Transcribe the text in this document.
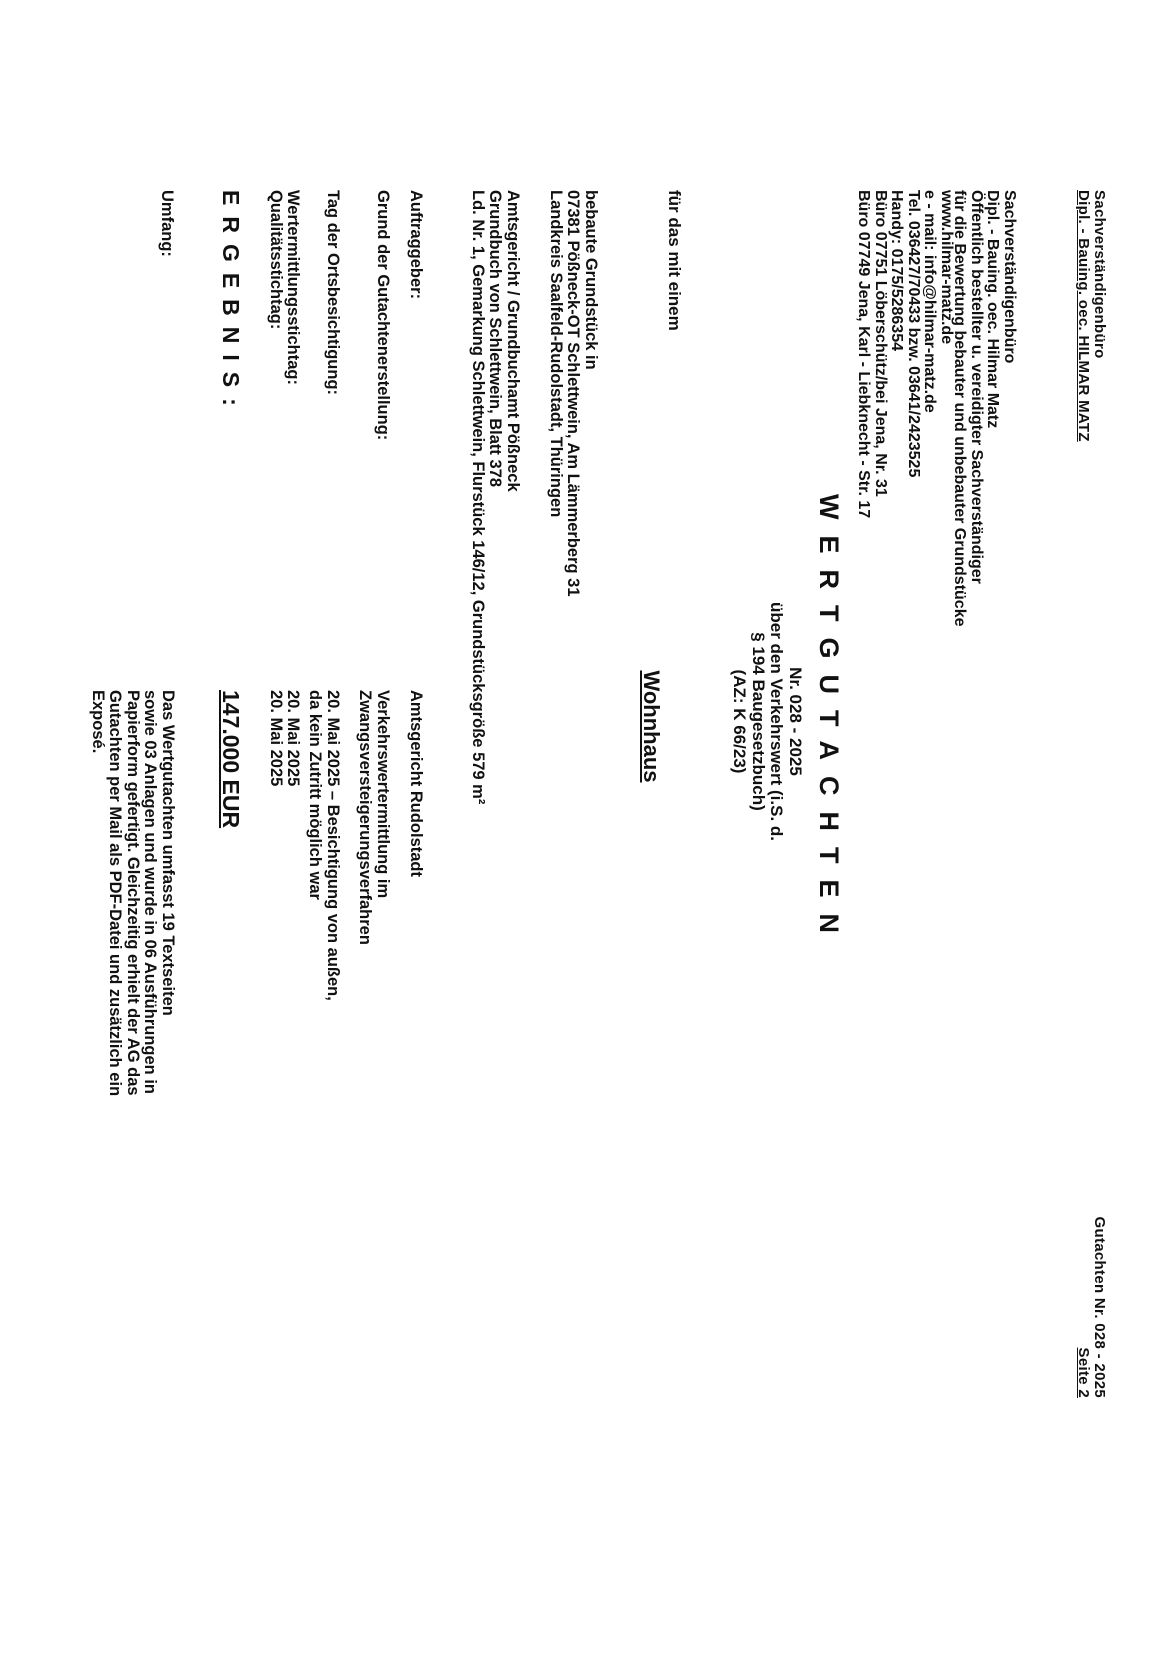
Sachverständigenbüro
Dipl. - Bauing. oec. HILMAR MATZ
Gutachten Nr. 028 - 2025
Seite 2
Sachverständigenbüro
Dipl. - Bauing. oec. Hilmar Matz
Öffentlich bestellter u. vereidigter Sachverständiger
für die Bewertung bebauter und unbebauter Grundstücke
www.hilmar-matz.de
e - mail: info@hilmar-matz.de
Tel. 036427/70433 bzw. 03641/2423525
Handy: 0175/5286354
Büro 07751 Löberschütz/bei Jena, Nr. 31
Büro 07749 Jena, Karl - Liebknecht - Str. 17
WERTGUTACHTEN
Nr. 028 - 2025
über den Verkehrswert (i.S. d.
§ 194 Baugesetzbuch)
(AZ: K 66/23)
für das mit einem
Wohnhaus
bebaute Grundstück in
07381 Pößneck-OT Schlettwein, Am Lämmerberg 31
Landkreis Saalfeld-Rudolstadt, Thüringen
Amtsgericht / Grundbuchamt Pößneck
Grundbuch von Schlettwein, Blatt 378
Ld. Nr. 1, Gemarkung Schlettwein, Flurstück 146/12, Grundstücksgröße 579 m²
Auftraggeber:
Amtsgericht Rudolstadt
Grund der Gutachtenerstellung:
Verkehrswertermittlung im
Zwangsversteigerungsverfahren
Tag der Ortsbesichtigung:
20. Mai 2025 – Besichtigung von außen,
da kein Zutritt möglich war
Wertermittlungsstichtag:
20. Mai 2025
Qualitätsstichtag:
20. Mai 2025
ERGEBNIS:
147.000 EUR
Umfang:
Das Wertgutachten umfasst 19 Textseiten
sowie 03 Anlagen und wurde in 06 Ausführungen in
Papierform gefertigt. Gleichzeitig erhielt der AG das
Gutachten per Mail als PDF-Datei und zusätzlich ein
Exposé.
